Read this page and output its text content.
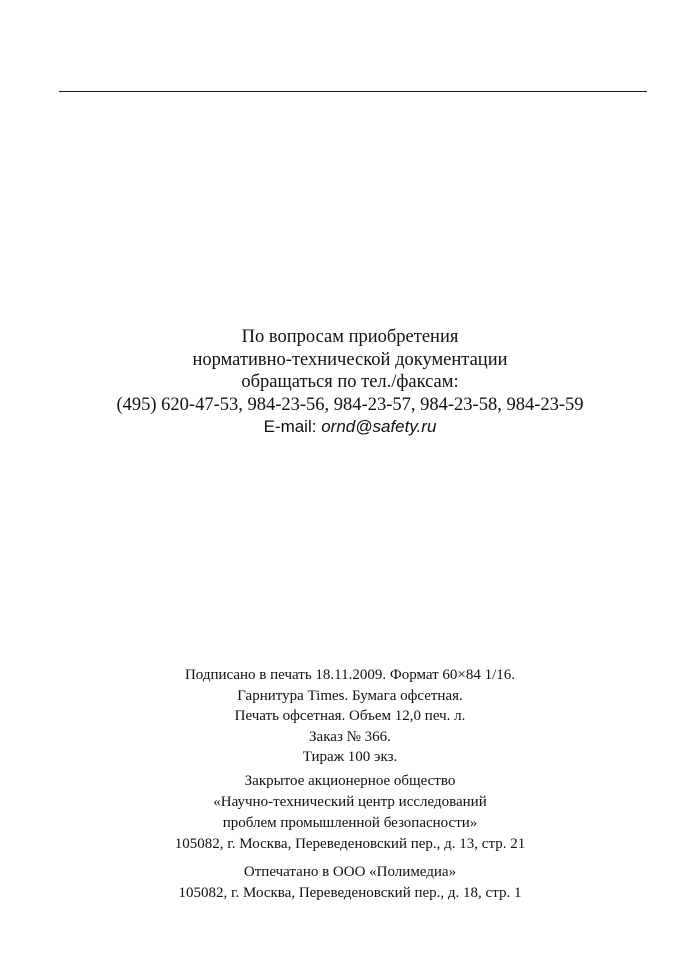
По вопросам приобретения
нормативно-технической документации
обращаться по тел./факсам:
(495) 620-47-53, 984-23-56, 984-23-57, 984-23-58, 984-23-59
E-mail: ornd@safety.ru
Подписано в печать 18.11.2009. Формат 60×84 1/16.
Гарнитура Times. Бумага офсетная.
Печать офсетная. Объем 12,0 печ. л.
Заказ № 366.
Тираж 100 экз.
Закрытое акционерное общество
«Научно-технический центр исследований
проблем промышленной безопасности»
105082, г. Москва, Переведеновский пер., д. 13, стр. 21
Отпечатано в ООО «Полимедиа»
105082, г. Москва, Переведеновский пер., д. 18, стр. 1
